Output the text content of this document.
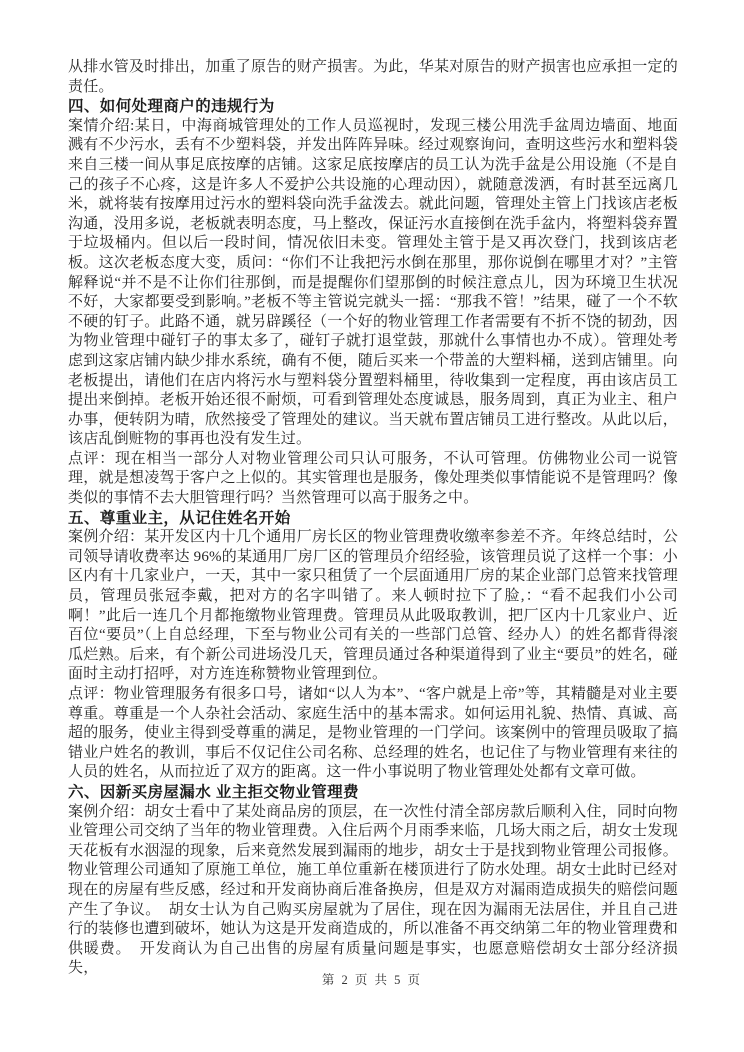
从排水管及时排出，加重了原告的财产损害。为此，华某对原告的财产损害也应承担一定的责任。

四、如何处理商户的违规行为

案情介绍:某日，中海商城管理处的工作人员巡视时，发现三楼公用洗手盆周边墙面、地面溅有不少污水，丢有不少塑料袋，并发出阵阵异味。经过观察询问，查明这些污水和塑料袋来自三楼一间从事足底按摩的店铺。这家足底按摩店的员工认为洗手盆是公用设施（不是自己的孩子不心疼，这是许多人不爱护公共设施的心理动因），就随意泼洒，有时甚至远离几米，就将装有按摩用过污水的塑料袋向洗手盆泼去。就此问题，管理处主管上门找该店老板沟通，没用多说，老板就表明态度，马上整改，保证污水直接倒在洗手盆内，将塑料袋弃置于垃圾桶内。但以后一段时间，情况依旧未变。管理处主管于是又再次登门，找到该店老板。这次老板态度大变，质问：“你们不让我把污水倒在那里，那你说倒在哪里才对？”主管解释说“并不是不让你们往那倒，而是提醒你们望那倒的时候注意点儿，因为环境卫生状况不好，大家都要受到影响。”老板不等主管说完就头一摇：“那我不管！”结果，碰了一个不软不硬的钉子。此路不通，就另辟蹊径（一个好的物业管理工作者需要有不折不饶的韧劲，因为物业管理中碰钉子的事太多了，碰钉子就打退堂鼓，那就什么事情也办不成）。管理处考虑到这家店铺内缺少排水系统，确有不便，随后买来一个带盖的大塑料桶，送到店铺里。向老板提出，请他们在店内将污水与塑料袋分置塑料桶里，待收集到一定程度，再由该店员工提出来倒掉。老板开始还很不耐烦，可看到管理处态度诚恳，服务周到，真正为业主、租户办事，便转阴为晴，欣然接受了管理处的建议。当天就布置店铺员工进行整改。从此以后，该店乱倒赃物的事再也没有发生过。

点评：现在相当一部分人对物业管理公司只认可服务，不认可管理。仿佛物业公司一说管理，就是想凌驾于客户之上似的。其实管理也是服务，像处理类似事情能说不是管理吗？像类似的事情不去大胆管理行吗？当然管理可以高于服务之中。

五、尊重业主，从记住姓名开始

案例介绍：某开发区内十几个通用厂房长区的物业管理费收缴率参差不齐。年终总结时，公司领导请收费率达 96%的某通用厂房厂区的管理员介绍经验，该管理员说了这样一个事：小区内有十几家业户，一天，其中一家只租赁了一个层面通用厂房的某企业部门总管来找管理员，管理员张冠李戴，把对方的名字叫错了。来人顿时拉下了脸,：“看不起我们小公司啊！”此后一连几个月都拖缴物业管理费。管理员从此吸取教训，把厂区内十几家业户、近百位“要员”（上自总经理，下至与物业公司有关的一些部门总管、经办人）的姓名都背得滚瓜烂熟。后来，有个新公司进场没几天，管理员通过各种渠道得到了业主“要员”的姓名，碰面时主动打招呼，对方连连称赞物业管理到位。

点评：物业管理服务有很多口号，诸如“以人为本”、“客户就是上帝”等，其精髓是对业主要尊重。尊重是一个人杂社会活动、家庭生活中的基本需求。如何运用礼貌、热情、真诚、高超的服务，使业主得到受尊重的满足，是物业管理的一门学问。该案例中的管理员吸取了搞错业户姓名的教训，事后不仅记住公司名称、总经理的姓名，也记住了与物业管理有来往的人员的姓名，从而拉近了双方的距离。这一件小事说明了物业管理处处都有文章可做。

六、因新买房屋漏水 业主拒交物业管理费

案例介绍：胡女士看中了某处商品房的顶层，在一次性付清全部房款后顺利入住，同时向物业管理公司交纳了当年的物业管理费。入住后两个月雨季来临，几场大雨之后，胡女士发现天花板有水洇湿的现象，后来竟然发展到漏雨的地步，胡女士于是找到物业管理公司报修。物业管理公司通知了原施工单位，施工单位重新在楼顶进行了防水处理。胡女士此时已经对现在的房屋有些反感，经过和开发商协商后准备换房，但是双方对漏雨造成损失的赔偿问题产生了争议。　胡女士认为自己购买房屋就为了居住，现在因为漏雨无法居住，并且自己进行的装修也遭到破坏，她认为这是开发商造成的，所以准备不再交纳第二年的物业管理费和供暖费。　开发商认为自己出售的房屋有质量问题是事实，也愿意赔偿胡女士部分经济损失，

第 2 页 共 5 页
